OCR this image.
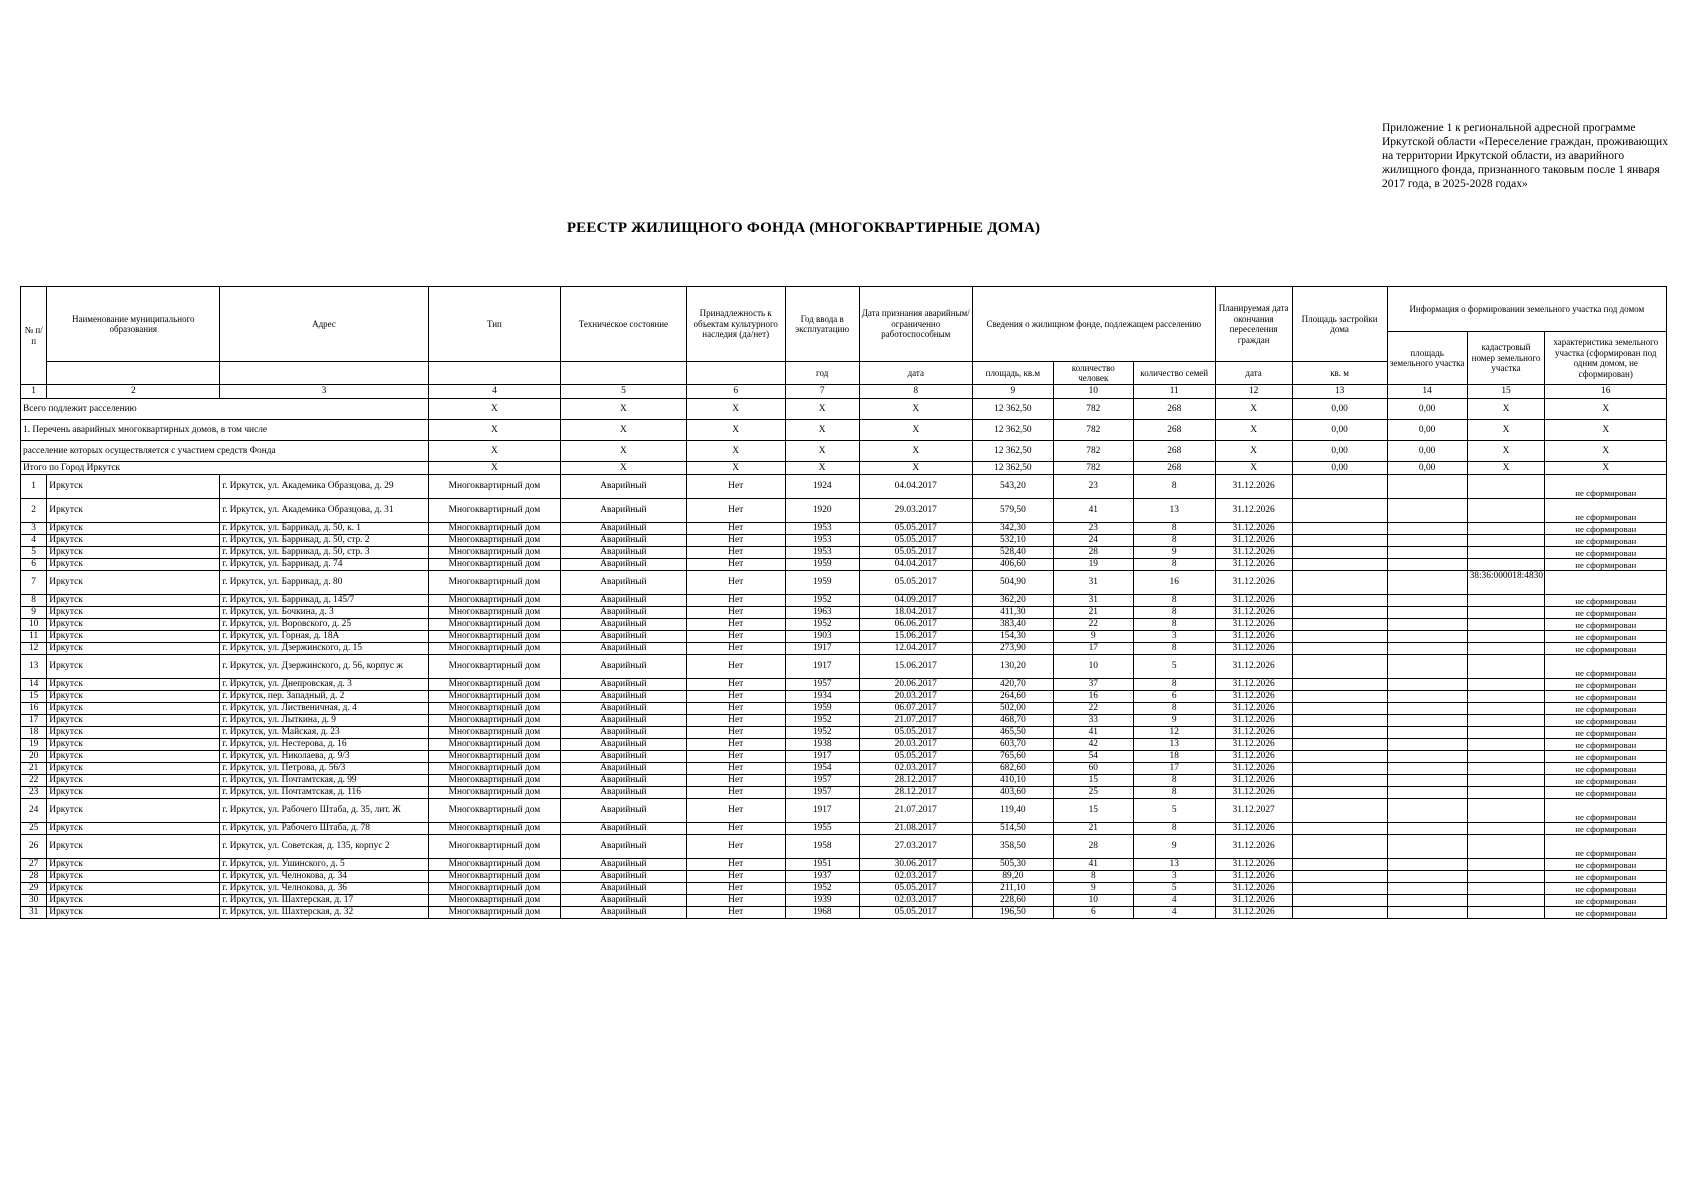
Приложение 1 к региональной адресной программе Иркутской области «Переселение граждан, проживающих на территории Иркутской области, из аварийного жилищного фонда, признанного таковым после 1 января 2017 года, в 2025-2028 годах»
РЕЕСТР ЖИЛИЩНОГО ФОНДА (МНОГОКВАРТИРНЫЕ ДОМА)
№ п/п	Наименование муниципального образования	Адрес	Тип	Техническое состояние	Принадлежность к объектам культурного наследия (да/нет)	Год ввода в эксплуатацию	Дата признания аварийным/ограниченно работоспособным	Сведения о жилищном фонде, подлежащем расселению			Планируемая дата окончания переселения граждан	Площадь застройки дома	Информация о формировании земельного участка под домом		
													площадь земельного участка	кадастровый номер земельного участка	характеристика земельного участка (сформирован под одним домом, не сформирован)
						год	дата	площадь, кв.м	количество человек	количество семей	дата	кв. м			
1	2	3	4	5	6	7	8	9	10	11	12	13	14	15	16
Всего подлежит расселению			X	X	X	X	X	12 362,50	782	268	X	0,00	0,00	X	X
1. Перечень аварийных многоквартирных домов, в том числе			X	X	X	X	X	12 362,50	782	268	X	0,00	0,00	X	X
расселение которых осуществляется с участием средств Фонда			X	X	X	X	X	12 362,50	782	268	X	0,00	0,00	X	X
Итого по Город Иркутск			X	X	X	X	X	12 362,50	782	268	X	0,00	0,00	X	X
1	Иркутск	г. Иркутск, ул. Академика Образцова, д. 29	Многоквартирный дом	Аварийный	Нет	1924	04.04.2017	543,20	23	8	31.12.2026				не сформирован
2	Иркутск	г. Иркутск, ул. Академика Образцова, д. 31	Многоквартирный дом	Аварийный	Нет	1920	29.03.2017	579,50	41	13	31.12.2026				не сформирован
3	Иркутск	г. Иркутск, ул. Баррикад, д. 50, к. 1	Многоквартирный дом	Аварийный	Нет	1953	05.05.2017	342,30	23	8	31.12.2026				не сформирован
4	Иркутск	г. Иркутск, ул. Баррикад, д. 50, стр. 2	Многоквартирный дом	Аварийный	Нет	1953	05.05.2017	532,10	24	8	31.12.2026				не сформирован
5	Иркутск	г. Иркутск, ул. Баррикад, д. 50, стр. 3	Многоквартирный дом	Аварийный	Нет	1953	05.05.2017	528,40	28	9	31.12.2026				не сформирован
6	Иркутск	г. Иркутск, ул. Баррикад, д. 74	Многоквартирный дом	Аварийный	Нет	1959	04.04.2017	406,60	19	8	31.12.2026				не сформирован
7	Иркутск	г. Иркутск, ул. Баррикад, д. 80	Многоквартирный дом	Аварийный	Нет	1959	05.05.2017	504,90	31	16	31.12.2026			38:36:000018:4830	
8	Иркутск	г. Иркутск, ул. Баррикад, д. 145/7	Многоквартирный дом	Аварийный	Нет	1952	04.09.2017	362,20	31	8	31.12.2026				не сформирован
9	Иркутск	г. Иркутск, ул. Бочкина, д. 3	Многоквартирный дом	Аварийный	Нет	1963	18.04.2017	411,30	21	8	31.12.2026				не сформирован
10	Иркутск	г. Иркутск, ул. Воровского, д. 25	Многоквартирный дом	Аварийный	Нет	1952	06.06.2017	383,40	22	8	31.12.2026				не сформирован
11	Иркутск	г. Иркутск, ул. Горная, д. 18А	Многоквартирный дом	Аварийный	Нет	1903	15.06.2017	154,30	9	3	31.12.2026				не сформирован
12	Иркутск	г. Иркутск, ул. Дзержинского, д. 15	Многоквартирный дом	Аварийный	Нет	1917	12.04.2017	273,90	17	8	31.12.2026				не сформирован
13	Иркутск	г. Иркутск, ул. Дзержинского, д. 56, корпус ж	Многоквартирный дом	Аварийный	Нет	1917	15.06.2017	130,20	10	5	31.12.2026				не сформирован
14	Иркутск	г. Иркутск, ул. Днепровская, д. 3	Многоквартирный дом	Аварийный	Нет	1957	20.06.2017	420,70	37	8	31.12.2026				не сформирован
15	Иркутск	г. Иркутск, пер. Западный, д. 2	Многоквартирный дом	Аварийный	Нет	1934	20.03.2017	264,60	16	6	31.12.2026				не сформирован
16	Иркутск	г. Иркутск, ул. Лиственичная, д. 4	Многоквартирный дом	Аварийный	Нет	1959	06.07.2017	502,00	22	8	31.12.2026				не сформирован
17	Иркутск	г. Иркутск, ул. Лыткина, д. 9	Многоквартирный дом	Аварийный	Нет	1952	21.07.2017	468,70	33	9	31.12.2026				не сформирован
18	Иркутск	г. Иркутск, ул. Майская, д. 23	Многоквартирный дом	Аварийный	Нет	1952	05.05.2017	465,50	41	12	31.12.2026				не сформирован
19	Иркутск	г. Иркутск, ул. Нестерова, д. 16	Многоквартирный дом	Аварийный	Нет	1938	20.03.2017	603,70	42	13	31.12.2026				не сформирован
20	Иркутск	г. Иркутск, ул. Николаева, д. 9/3	Многоквартирный дом	Аварийный	Нет	1917	05.05.2017	765,60	54	18	31.12.2026				не сформирован
21	Иркутск	г. Иркутск, ул. Петрова, д. 56/3	Многоквартирный дом	Аварийный	Нет	1954	02.03.2017	682,60	60	17	31.12.2026				не сформирован
22	Иркутск	г. Иркутск, ул. Почтамтская, д. 99	Многоквартирный дом	Аварийный	Нет	1957	28.12.2017	410,10	15	8	31.12.2026				не сформирован
23	Иркутск	г. Иркутск, ул. Почтамтская, д. 116	Многоквартирный дом	Аварийный	Нет	1957	28.12.2017	403,60	25	8	31.12.2026				не сформирован
24	Иркутск	г. Иркутск, ул. Рабочего Штаба, д. 35, лит. Ж	Многоквартирный дом	Аварийный	Нет	1917	21.07.2017	119,40	15	5	31.12.2027				не сформирован
25	Иркутск	г. Иркутск, ул. Рабочего Штаба, д. 78	Многоквартирный дом	Аварийный	Нет	1955	21.08.2017	514,50	21	8	31.12.2026				не сформирован
26	Иркутск	г. Иркутск, ул. Советская, д. 135, корпус 2	Многоквартирный дом	Аварийный	Нет	1958	27.03.2017	358,50	28	9	31.12.2026				не сформирован
27	Иркутск	г. Иркутск, ул. Ушинского, д. 5	Многоквартирный дом	Аварийный	Нет	1951	30.06.2017	505,30	41	13	31.12.2026				не сформирован
28	Иркутск	г. Иркутск, ул. Челнокова, д. 34	Многоквартирный дом	Аварийный	Нет	1937	02.03.2017	89,20	8	3	31.12.2026				не сформирован
29	Иркутск	г. Иркутск, ул. Челнокова, д. 36	Многоквартирный дом	Аварийный	Нет	1952	05.05.2017	211,10	9	5	31.12.2026				не сформирован
30	Иркутск	г. Иркутск, ул. Шахтерская, д. 17	Многоквартирный дом	Аварийный	Нет	1939	02.03.2017	228,60	10	4	31.12.2026				не сформирован
31	Иркутск	г. Иркутск, ул. Шахтерская, д. 32	Многоквартирный дом	Аварийный	Нет	1968	05.05.2017	196,50	6	4	31.12.2026				не сформирован
